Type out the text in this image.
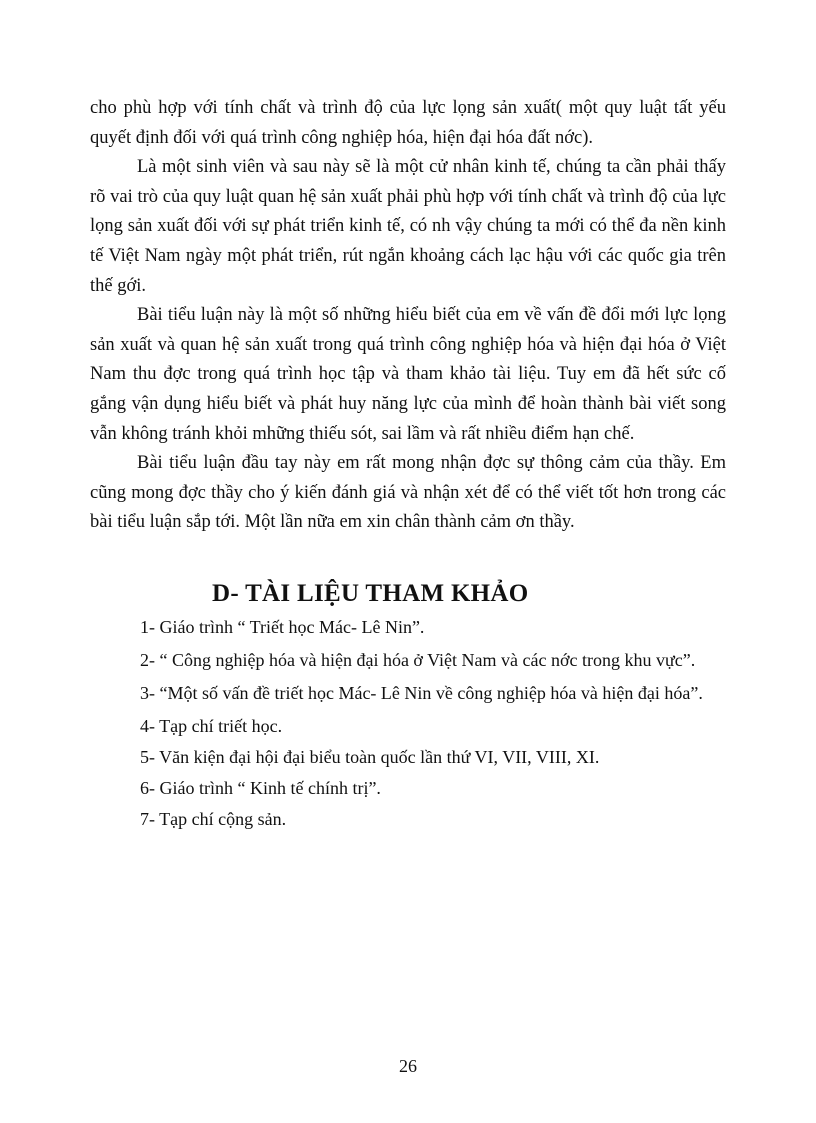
cho phù hợp với tính chất và trình độ của lực lọng sản xuất( một quy luật tất yếu quyết định đối với quá trình công nghiệp hóa, hiện đại hóa đất nớc).

Là một sinh viên và sau này sẽ là một cử nhân kinh tế, chúng ta cần phải thấy rõ vai trò của quy luật quan hệ sản xuất phải phù hợp với tính chất và trình độ của lực lọng sản xuất đối với sự phát triển kinh tế, có nh vậy chúng ta mới có thể đa nền kinh tế Việt Nam ngày một phát triển, rút ngắn khoảng cách lạc hậu với các quốc gia trên thế gới.

Bài tiểu luận này là một số những hiểu biết của em về vấn đề đổi mới lực lọng sản xuất và quan hệ sản xuất trong quá trình công nghiệp hóa và hiện đại hóa ở Việt Nam thu đợc trong quá trình học tập và tham khảo tài liệu. Tuy em đã hết sức cố gắng vận dụng hiểu biết và phát huy năng lực của mình để hoàn thành bài viết song vẫn không tránh khỏi mhững thiếu sót, sai lầm và rất nhiều điểm hạn chế.

Bài tiểu luận đầu tay này em rất mong nhận đợc sự thông cảm của thầy. Em cũng mong đợc thầy cho ý kiến đánh giá và nhận xét để có thể viết tốt hơn trong các bài tiểu luận sắp tới. Một lần nữa em xin chân thành cảm ơn thầy.

D- TÀI LIỆU THAM KHẢO
1- Giáo trình “ Triết học Mác- Lê Nin”.
2- “ Công nghiệp hóa và hiện đại hóa ở Việt Nam và các nớc trong khu vực”.
3- “Một số vấn đề triết học Mác- Lê Nin về công nghiệp hóa và hiện đại hóa”.
4- Tạp chí triết học.
5- Văn kiện đại hội đại biểu toàn quốc lần thứ VI, VII, VIII, XI.
6- Giáo trình “ Kinh tế chính trị”.
7- Tạp chí cộng sản.
26
